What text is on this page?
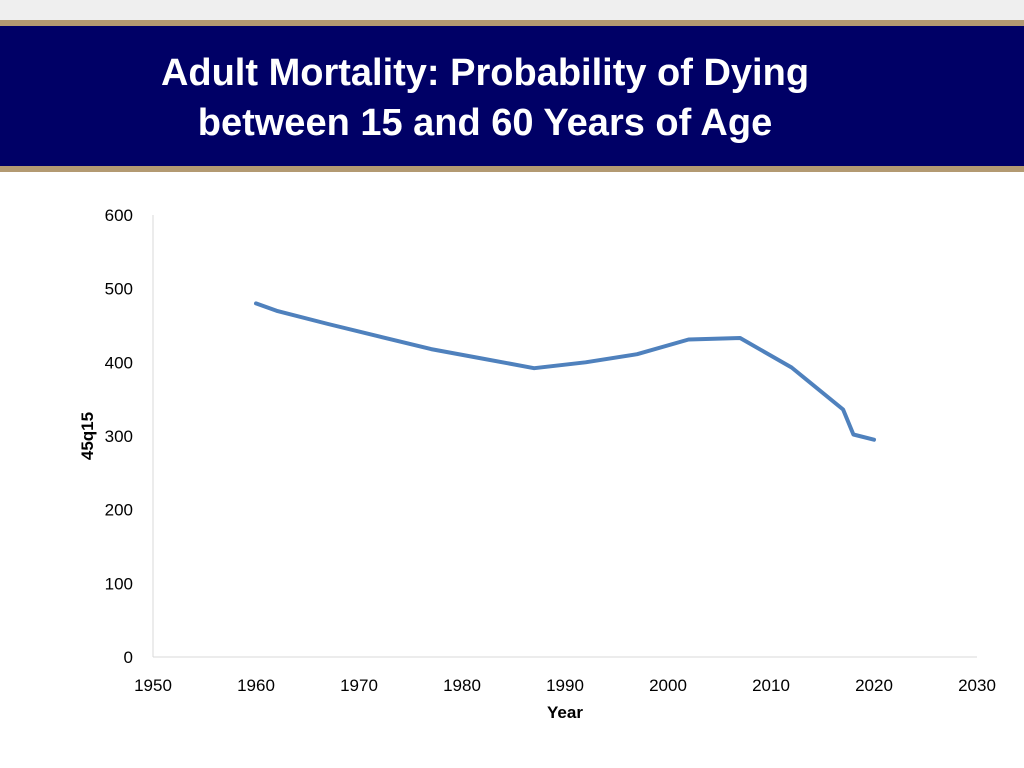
Adult Mortality: Probability of Dying between 15 and 60 Years of Age
0
100
200
300
400
500
600
1950	1960	1970	1980	1990	2000	2010	2020	2030
Year
45q15
